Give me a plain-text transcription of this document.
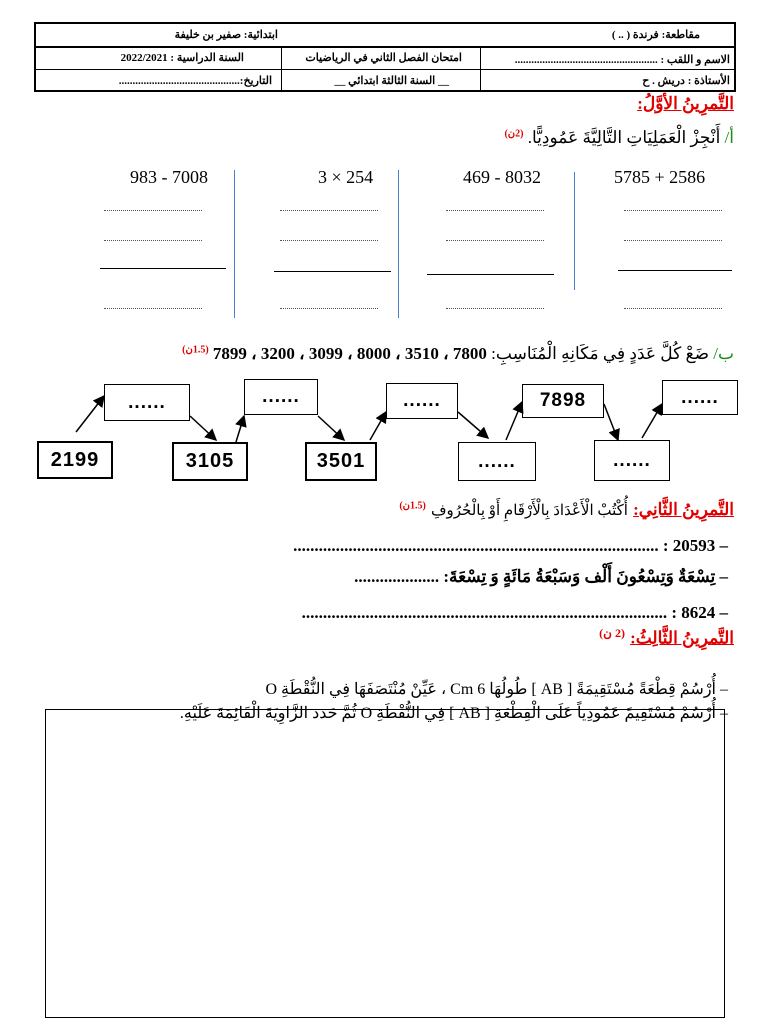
ابتدائية: صفير بن خليفة	مقاطعة: فرندة ( .. )
السنة الدراسية : 2022/2021	امتحان الفصل الثاني في الرياضيات	الاسم و اللقب : ....................................................
التاريخ:............................................	__ السنة الثالثة ابتدائي __	الأستاذة : دريش . ح
التَّمرِينُ الأوَّلُ:
أ/ أَنْجِزْ الْعَمَلِيَاتِ التَّالِيَّةَ عَمُودِيًّا. $^{(2ن)}$
5785 + 2586
469 - 8032
3 × 254
983 - 7008
ب/ ضَعْ كُلَّ عَدَدٍ فِي مَكَانِهِ الْمُنَاسِبِ: 7800 ، 3510 ، 8000 ، 3099 ، 3200 ، 7899 $^{(1.5ن)}$
2199
......
3105
......
3501
......
......
7898
......
......
التَّمرِينُ الثَّانِي: أُكْتُبْ الْأَعْدَادَ بِالْأَرْقَامِ أَوْ بِالْحُرُوفِ $^{(1.5ن)}$
– 20593 : ......................................................................................
– تِسْعَةٌ وَتِسْعُونَ أَلْف وَسَبْعَةُ مَائَةٍ وَ تِسْعَةَ: ....................
– 8624 : ......................................................................................
التَّمرِينُ الثَّالِثُ: $^{(2 ن)}$
– أُرْسُمْ قِطْعَةً مُسْتَقِيمَةً [ AB ] طُولُهَا 6 Cm ، عَيِّنْ مُنْتَصَفَهَا فِي النُّقْطَةِ O
– أُرْسُمْ مُسْتَقِيمً عَمُودِياً عَلَى الْقِطْعَةِ [ AB ] فِي النُّقْطَةِ O ثُمَّ حَدد الزَّاوِيَةَ الْقَائِمَةَ عَلَيْهِ.
